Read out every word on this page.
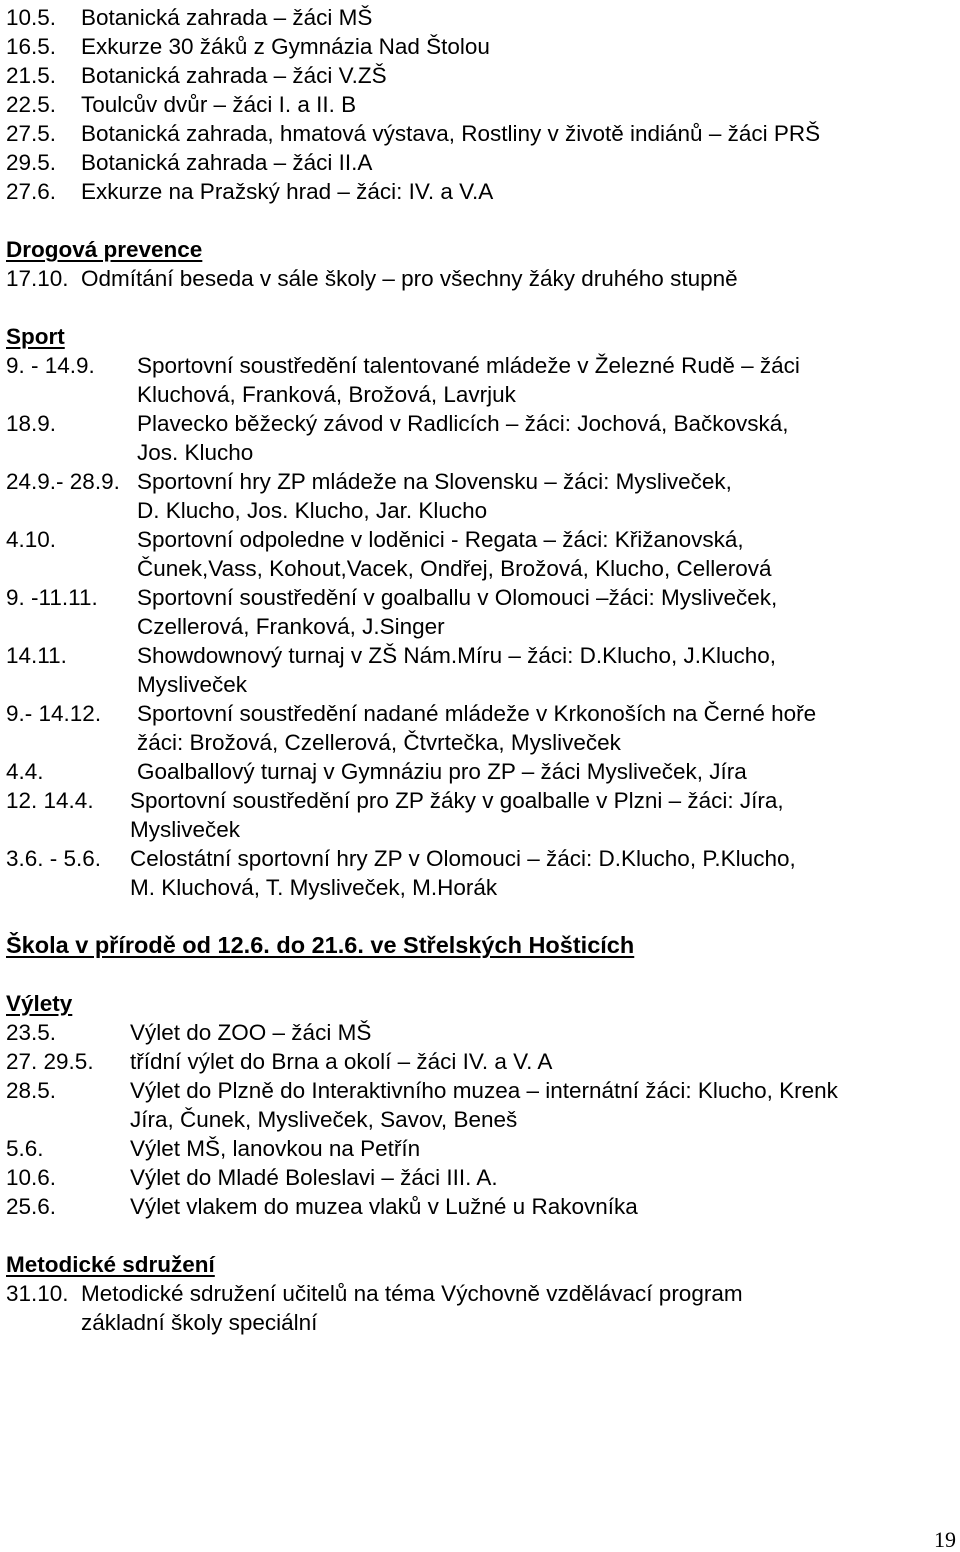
10.5.	Botanická zahrada – žáci MŠ
16.5.	Exkurze 30 žáků z Gymnázia Nad Štolou
21.5.	Botanická zahrada – žáci V.ZŠ
22.5.	Toulcův dvůr – žáci I. a II. B
27.5.	Botanická zahrada, hmatová výstava, Rostliny v životě indiánů – žáci PRŠ
29.5.	Botanická zahrada – žáci II.A
27.6.	Exkurze na Pražský hrad – žáci: IV. a V.A
Drogová prevence
17.10. Odmítání beseda v sále školy – pro všechny žáky druhého stupně
Sport
9. - 14.9.	Sportovní soustředění talentované mládeže v Železné Rudě – žáci
Kluchová, Franková, Brožová, Lavrjuk
18.9.	Plavecko běžecký závod v Radlicích – žáci: Jochová, Bačkovská,
Jos. Klucho
24.9.- 28.9. Sportovní hry ZP mládeže na Slovensku – žáci: Mysliveček,
D. Klucho, Jos. Klucho, Jar. Klucho
4.10.	Sportovní odpoledne v loděnici - Regata – žáci: Křižanovská,
Čunek,Vass, Kohout,Vacek, Ondřej, Brožová, Klucho, Cellerová
9. -11.11.	Sportovní soustředění v goalballu v Olomouci –žáci: Mysliveček,
Czellerová, Franková, J.Singer
14.11.	Showdownový turnaj v ZŠ Nám.Míru – žáci: D.Klucho, J.Klucho,
Mysliveček
9.- 14.12.	Sportovní soustředění nadané mládeže v Krkonoších na Černé hoře
žáci: Brožová, Czellerová, Čtvrtečka, Mysliveček
4.4.	Goalballový turnaj v Gymnáziu pro ZP – žáci Mysliveček, Jíra
12. 14.4.	Sportovní soustředění pro ZP žáky v goalballe v Plzni – žáci: Jíra,
Mysliveček
3.6. - 5.6.	Celostátní sportovní hry ZP v Olomouci – žáci: D.Klucho, P.Klucho,
M. Kluchová, T. Mysliveček, M.Horák
Škola v přírodě od 12.6. do 21.6. ve Střelských Hošticích
Výlety
23.5.	Výlet do ZOO – žáci MŠ
27. 29.5.	třídní výlet do Brna a okolí – žáci IV. a V. A
28.5.	Výlet do Plzně do Interaktivního muzea – internátní žáci: Klucho, Krenk
Jíra, Čunek, Mysliveček, Savov, Beneš
5.6.	Výlet MŠ, lanovkou na Petřín
10.6.	Výlet do Mladé Boleslavi – žáci III. A.
25.6.	Výlet vlakem do muzea vlaků v Lužné u Rakovníka
Metodické sdružení
31.10. Metodické sdružení učitelů na téma Výchovně vzdělávací program
základní školy speciální
19
